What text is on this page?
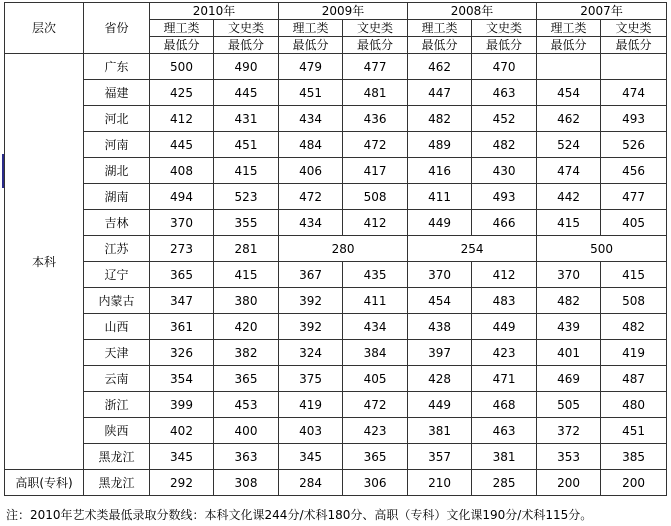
层次	省份	2010年		2009年		2008年		2007年	
		理工类	文史类	理工类	文史类	理工类	文史类	理工类	文史类
		最低分	最低分	最低分	最低分	最低分	最低分	最低分	最低分
本科	广东	500	490	479	477	462	470		
	福建	425	445	451	481	447	463	454	474
	河北	412	431	434	436	482	452	462	493
	河南	445	451	484	472	489	482	524	526
	湖北	408	415	406	417	416	430	474	456
	湖南	494	523	472	508	411	493	442	477
	吉林	370	355	434	412	449	466	415	405
	江苏	273	281	280		254		500	
	辽宁	365	415	367	435	370	412	370	415
	内蒙古	347	380	392	411	454	483	482	508
	山西	361	420	392	434	438	449	439	482
	天津	326	382	324	384	397	423	401	419
	云南	354	365	375	405	428	471	469	487
	浙江	399	453	419	472	449	468	505	480
	陕西	402	400	403	423	381	463	372	451
	黑龙江	345	363	345	365	357	381	353	385
高职(专科)	黑龙江	292	308	284	306	210	285	200	200
注：2010年艺术类最低录取分数线：本科文化课244分/术科180分、高职（专科）文化课190分/术科115分。
